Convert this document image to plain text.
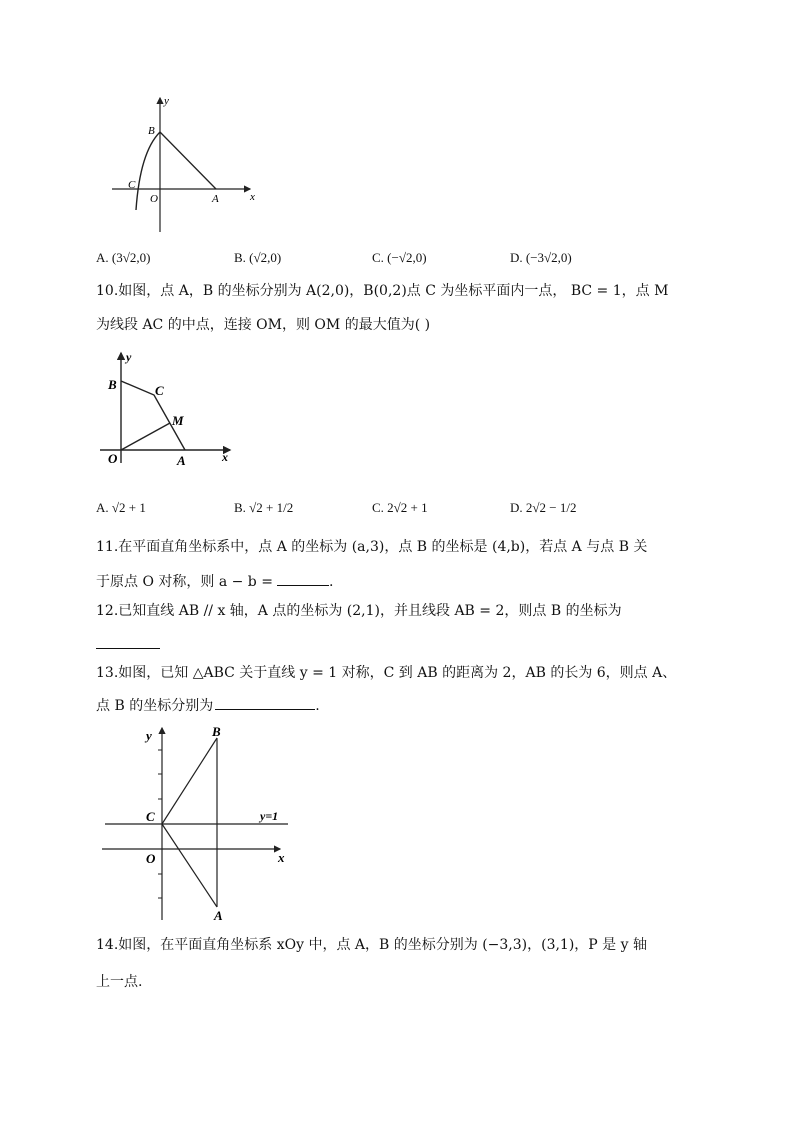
y
x
B
C
O	A
A. (3√2,0)	B. (√2,0)	C. (−√2,0)	D. (−3√2,0)
10.如图，点 A，B 的坐标分别为 A(2,0)，B(0,2)点 C 为坐标平面内一点， BC = 1，点 M
为线段 AC 的中点，连接 OM，则 OM 的最大值为( )
y
x
B	C
M
O	A
A. √2 + 1	B. √2 + 1/2	C. 2√2 + 1	D. 2√2 − 1/2
11.在平面直角坐标系中，点 A 的坐标为 (a,3)，点 B 的坐标是 (4,b)，若点 A 与点 B 关
于原点 O 对称，则 a − b =	.
12.已知直线 AB // x 轴，A 点的坐标为 (2,1)，并且线段 AB = 2，则点 B 的坐标为
13.如图，已知 △ABC 关于直线 y = 1 对称，C 到 AB 的距离为 2，AB 的长为 6，则点 A、
点 B 的坐标分别为	.
y
x
B
C
O
A
y=1
14.如图，在平面直角坐标系 xOy 中，点 A，B 的坐标分别为 (−3,3)，(3,1)，P 是 y 轴
上一点.
